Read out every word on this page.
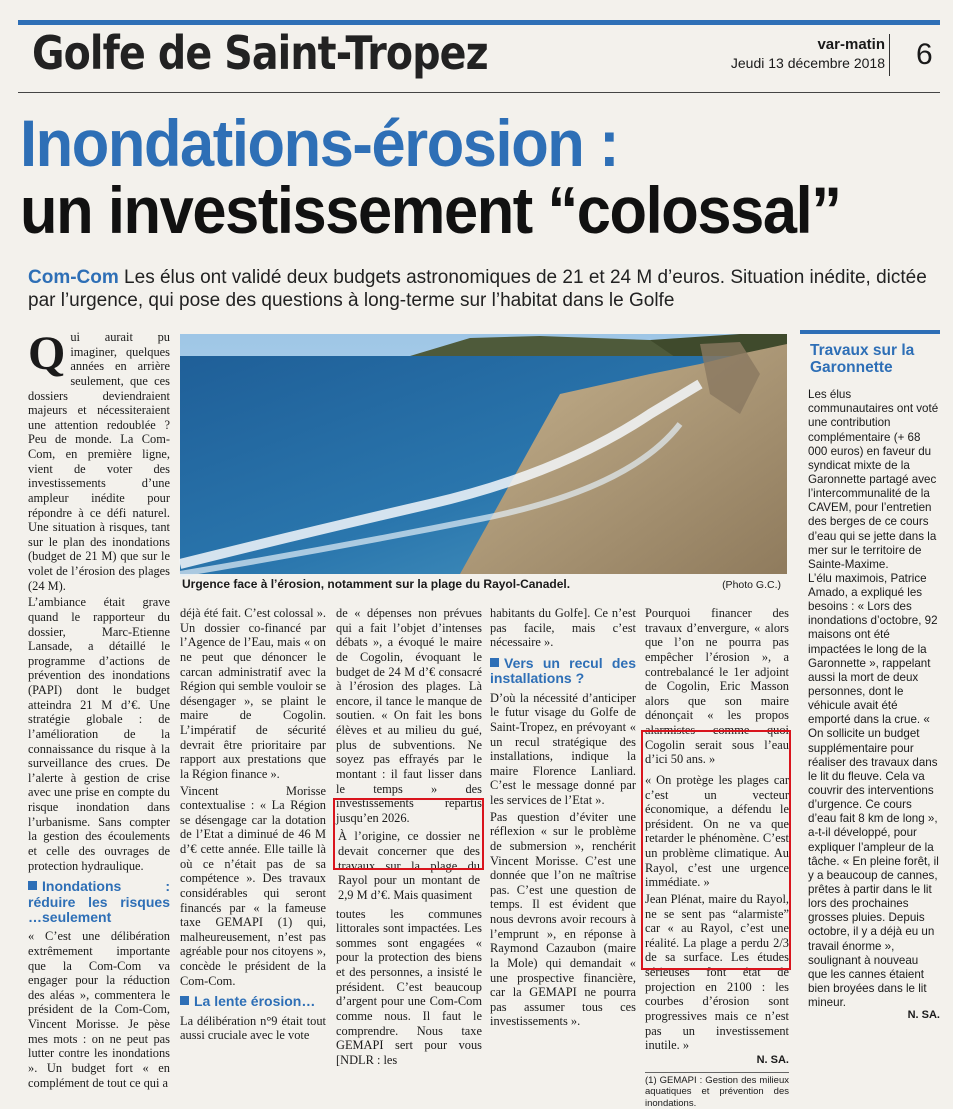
Golfe de Saint-Tropez	var-matin
Jeudi 13 décembre 2018 6
Inondations-érosion :
un investissement “colossal”
Com-Com Les élus ont validé deux budgets astronomiques de 21 et 24 M d’euros. Situation inédite, dictée par l’urgence, qui pose des questions à long-terme sur l’habitat dans le Golfe
Urgence face à l’érosion, notamment sur la plage du Rayol-Canadel.	(Photo G.C.)

Qui aurait pu imaginer, quelques années en arrière seulement, que ces dossiers deviendraient majeurs et nécessiteraient une attention redoublée ? Peu de monde. La Com-Com, en première ligne, vient de voter des investissements d’une ampleur inédite pour répondre à ce défi naturel. Une situation à risques, tant sur le plan des inondations (budget de 21 M) que sur le volet de l’érosion des plages (24 M).

L’ambiance était grave quand le rapporteur du dossier, Marc-Etienne Lansade, a détaillé le programme d’actions de prévention des inondations (PAPI) dont le budget atteindra 21 M d’€. Une stratégie globale : de l’amélioration de la connaissance du risque à la surveillance des crues. De l’alerte à gestion de crise avec une prise en compte du risque inondation dans l’urbanisme. Sans compter la gestion des écoulements et celle des ouvrages de protection hydraulique.

Inondations : réduire les risques …seulement

« C’est une délibération extrêmement importante que la Com-Com va engager pour la réduction des aléas », commentera le président de la Com-Com, Vincent Morisse. Je pèse mes mots : on ne peut pas lutter contre les inondations ». Un budget fort « en complément de tout ce qui a

déjà été fait. C’est colossal ». Un dossier co-financé par l’Agence de l’Eau, mais « on ne peut que dénoncer le carcan administratif avec la Région qui semble vouloir se désengager », se plaint le maire de Cogolin. L’impératif de sécurité devrait être prioritaire par rapport aux prestations que la Région finance ».

Vincent Morisse contextualise : « La Région se désengage car la dotation de l’Etat a diminué de 46 M d’€ cette année. Elle taille là où ce n’était pas de sa compétence ». Des travaux considérables qui seront financés par « la fameuse taxe GEMAPI (1) qui, malheureusement, n’est pas agréable pour nos citoyens », concède le président de la Com-Com.

La lente érosion…

La délibération n°9 était tout aussi cruciale avec le vote

de « dépenses non prévues qui a fait l’objet d’intenses débats », a évoqué le maire de Cogolin, évoquant le budget de 24 M d’€ consacré à l’érosion des plages. Là encore, il tance le manque de soutien. « On fait les bons élèves et au milieu du gué, plus de subventions. Ne soyez pas effrayés par le montant : il faut lisser dans le temps » des investissements répartis jusqu’en 2026.

À l’origine, ce dossier ne devait concerner que des travaux sur la plage du Rayol pour un montant de 2,9 M d’€. Mais quasiment

toutes les communes littorales sont impactées. Les sommes sont engagées « pour la protection des biens et des personnes, a insisté le président. C’est beaucoup d’argent pour une Com-Com comme nous. Il faut le comprendre. Nous taxe GEMAPI sert pour vous [NDLR : les

habitants du Golfe]. Ce n’est pas facile, mais c’est nécessaire ».

Vers un recul des installations ?

D’où la nécessité d’anticiper le futur visage du Golfe de Saint-Tropez, en prévoyant « un recul stratégique des installations, indique la maire Florence Lanliard. C’est le message donné par les services de l’Etat ».

Pas question d’éviter une réflexion « sur le problème de submersion », renchérit Vincent Morisse. C’est une donnée que l’on ne maîtrise pas. C’est une question de temps. Il est évident que nous devrons avoir recours à l’emprunt », en réponse à Raymond Cazaubon (maire la Mole) qui demandait « une prospective financière, car la GEMAPI ne pourra pas assumer tous ces investissements ».

Pourquoi financer des travaux d’envergure, « alors que l’on ne pourra pas empêcher l’érosion », a contrebalancé le 1er adjoint de Cogolin, Eric Masson alors que son maire dénonçait « les propos alarmistes comme quoi Cogolin serait sous l’eau d’ici 50 ans. »

« On protège les plages car c’est un vecteur économique, a défendu le président. On ne va que retarder le phénomène. C’est un problème climatique. Au Rayol, c’est une urgence immédiate. »

Jean Plénat, maire du Rayol, ne se sent pas “alarmiste” car « au Rayol, c’est une réalité. La plage a perdu 2/3 de sa surface. Les études sérieuses font état de projection en 2100 : les courbes d’érosion sont progressives mais ce n’est pas un investissement inutile. »

N. SA.
(1) GEMAPI : Gestion des milieux aquatiques et prévention des inondations.
Travaux sur la Garonnette

Les élus communautaires ont voté une contribution complémentaire (+ 68 000 euros) en faveur du syndicat mixte de la Garonnette partagé avec l’intercommunalité de la CAVEM, pour l’entretien des berges de ce cours d’eau qui se jette dans la mer sur le territoire de Sainte-Maxime.

L’élu maximois, Patrice Amado, a expliqué les besoins : « Lors des inondations d’octobre, 92 maisons ont été impactées le long de la Garonnette », rappelant aussi la mort de deux personnes, dont le véhicule avait été emporté dans la crue. « On sollicite un budget supplémentaire pour réaliser des travaux dans le lit du fleuve. Cela va couvrir des interventions d’urgence. Ce cours d’eau fait 8 km de long », a-t-il développé, pour expliquer l’ampleur de la tâche. « En pleine forêt, il y a beaucoup de cannes, prêtes à partir dans le lit lors des prochaines grosses pluies. Depuis octobre, il y a déjà eu un travail énorme », soulignant à nouveau que les cannes étaient bien broyées dans le lit mineur.

N. SA.
